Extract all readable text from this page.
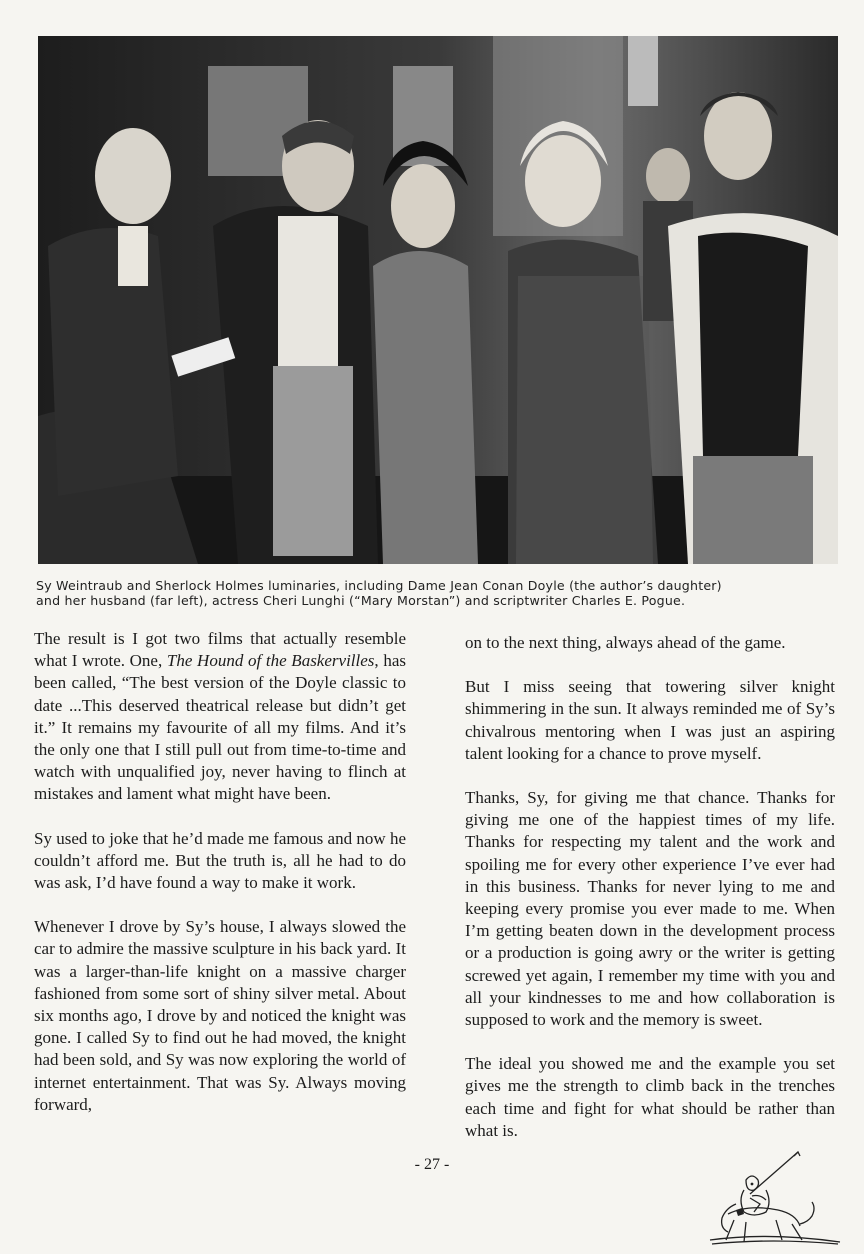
Sy Weintraub and Sherlock Holmes luminaries, including Dame Jean Conan Doyle (the author’s daughter)
and her husband (far left), actress Cheri Lunghi (“Mary Morstan”) and scriptwriter Charles E. Pogue.

The result is I got two films that actually resemble what I wrote. One, The Hound of the Baskervilles, has been called, “The best version of the Doyle classic to date ...This deserved theatrical release but didn’t get it.” It remains my favourite of all my films. And it’s the only one that I still pull out from time-to-time and watch with unqualified joy, never having to flinch at mistakes and lament what might have been.

Sy used to joke that he’d made me famous and now he couldn’t afford me. But the truth is, all he had to do was ask, I’d have found a way to make it work.

Whenever I drove by Sy’s house, I always slowed the car to admire the massive sculpture in his back yard. It was a larger-than-life knight on a massive charger fashioned from some sort of shiny silver metal. About six months ago, I drove by and noticed the knight was gone. I called Sy to find out he had moved, the knight had been sold, and Sy was now exploring the world of internet entertainment. That was Sy. Always moving forward,

on to the next thing, always ahead of the game.

But I miss seeing that towering silver knight shimmering in the sun. It always reminded me of Sy’s chivalrous mentoring when I was just an aspiring talent looking for a chance to prove myself.

Thanks, Sy, for giving me that chance. Thanks for giving me one of the happiest times of my life. Thanks for respecting my talent and the work and spoiling me for every other experience I’ve ever had in this business. Thanks for never lying to me and keeping every promise you ever made to me. When I’m getting beaten down in the development process or a production is going awry or the writer is getting screwed yet again, I remember my time with you and all your kindnesses to me and how collaboration is supposed to work and the memory is sweet.

The ideal you showed me and the example you set gives me the strength to climb back in the trenches each time and fight for what should be rather than what is.

- 27 -
